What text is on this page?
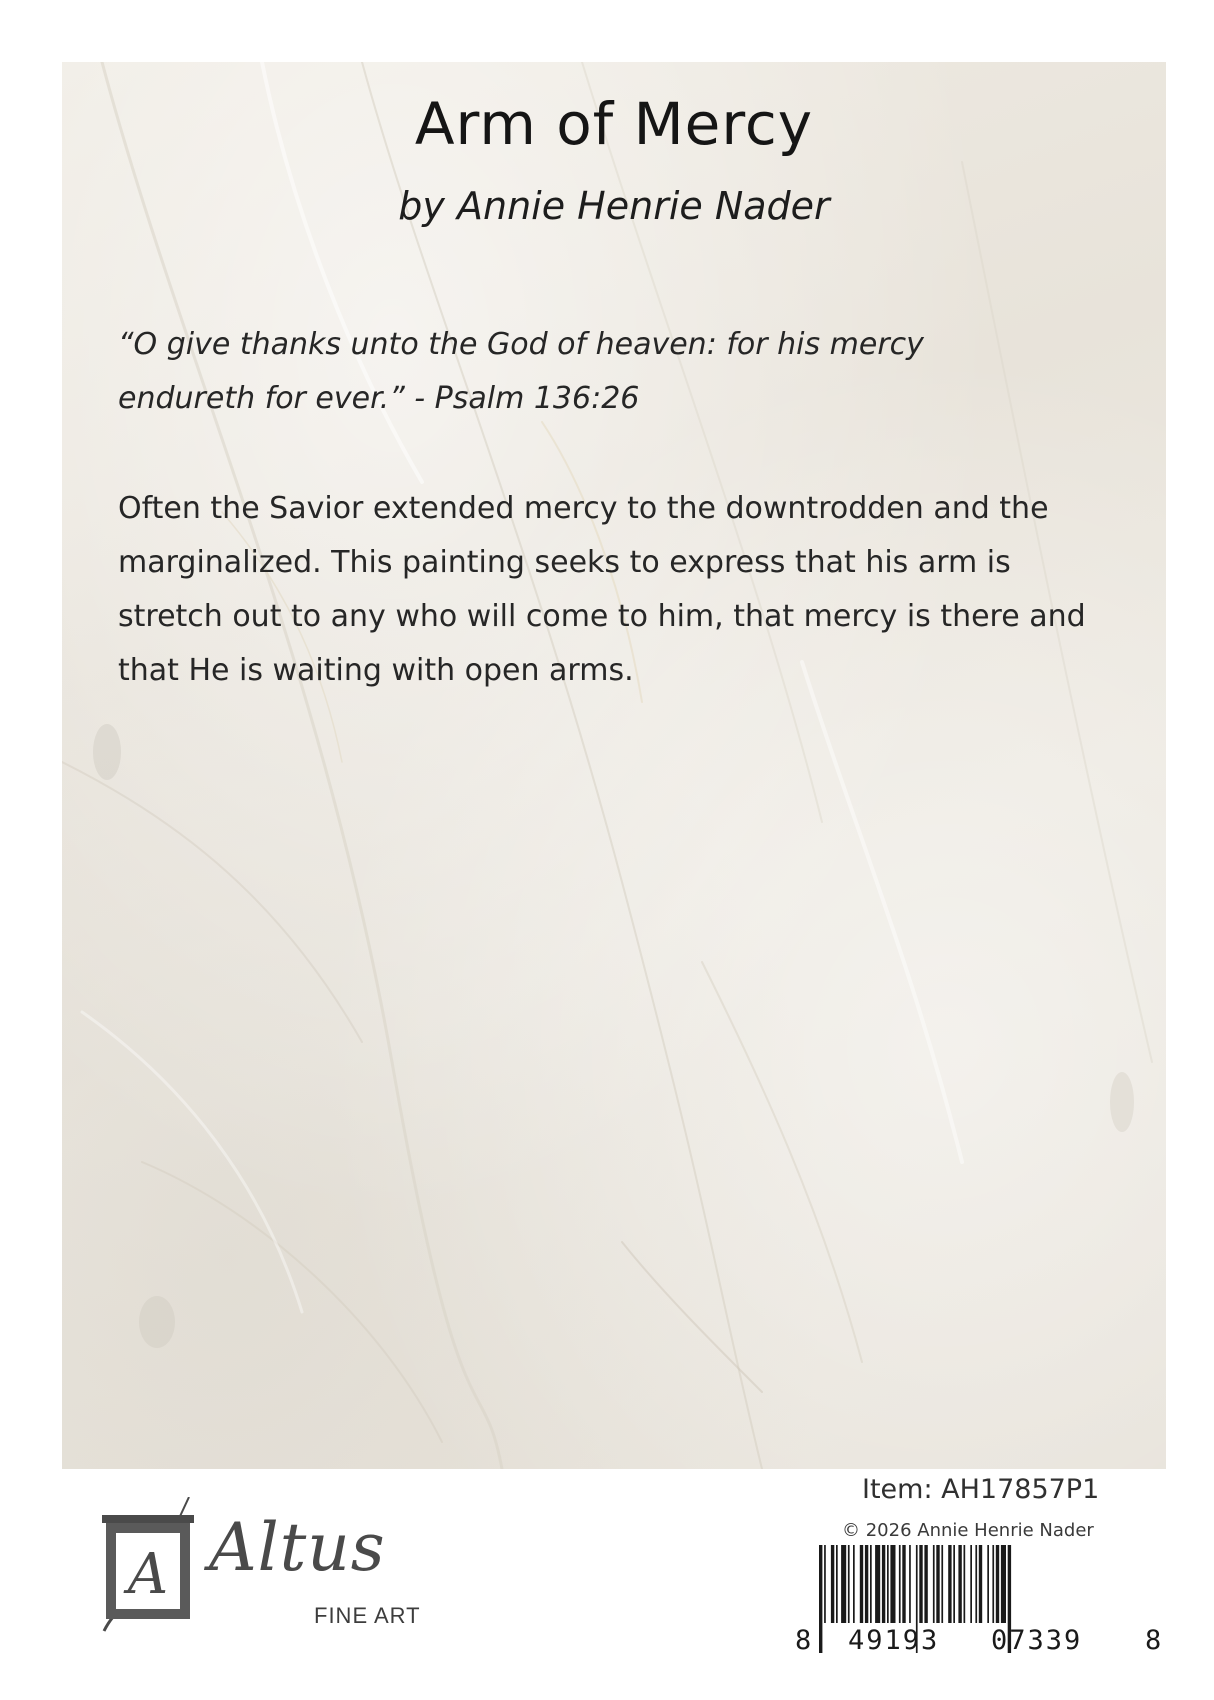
Arm of Mercy

by Annie Henrie Nader

“O give thanks unto the God of heaven: for his mercy endureth for ever.” - Psalm 136:26

Often the Savior extended mercy to the downtrodden and the marginalized. This painting seeks to express that his arm is stretch out to any who will come to him, that mercy is there and that He is waiting with open arms.

A Altus
FINE ART
Item: AH17857P1
© 2026 Annie Henrie Nader
8 49193 07339 8
